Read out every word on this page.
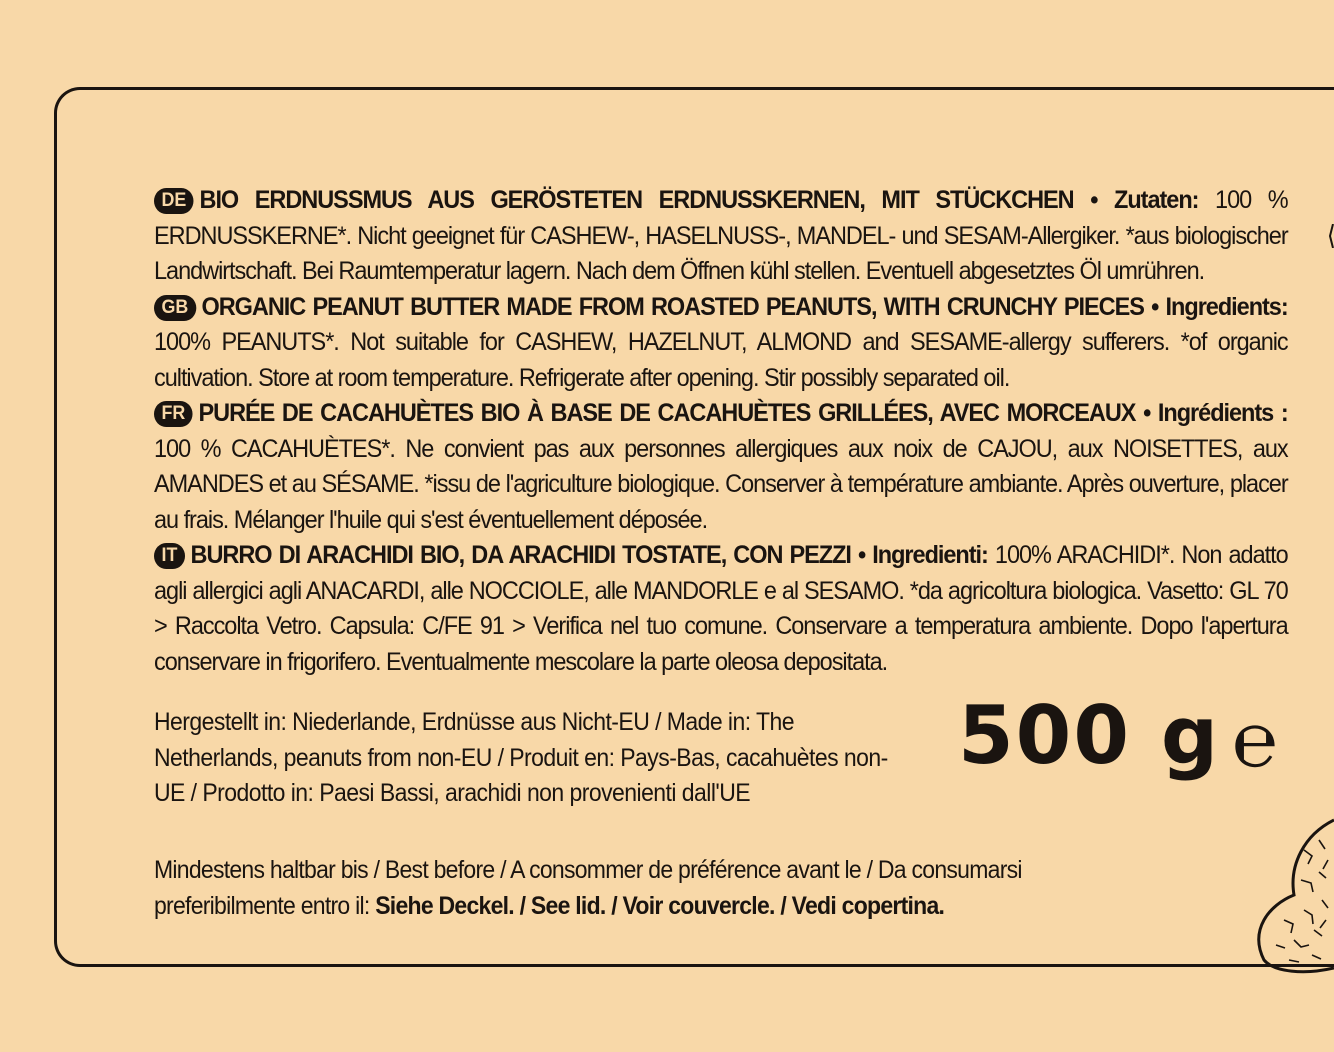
DE BIO ERDNUSSMUS AUS GERÖSTETEN ERDNUSSKERNEN, MIT STÜCKCHEN • Zutaten: 100 % ERDNUSSKERNE*. Nicht geeignet für CASHEW-, HASELNUSS-, MANDEL- und SESAM-Allergiker. *aus biologischer Landwirtschaft. Bei Raumtemperatur lagern. Nach dem Öffnen kühl stellen. Eventuell abgesetztes Öl umrühren.

GB ORGANIC PEANUT BUTTER MADE FROM ROASTED PEANUTS, WITH CRUNCHY PIECES • Ingredients: 100% PEANUTS*. Not suitable for CASHEW, HAZELNUT, ALMOND and SESAME-allergy sufferers. *of organic cultivation. Store at room temperature. Refrigerate after opening. Stir possibly separated oil.

FR PURÉE DE CACAHUÈTES BIO À BASE DE CACAHUÈTES GRILLÉES, AVEC MORCEAUX • Ingrédients : 100 % CACAHUÈTES*. Ne convient pas aux personnes allergiques aux noix de CAJOU, aux NOISETTES, aux AMANDES et au SÉSAME. *issu de l'agriculture biologique. Conserver à température ambiante. Après ouverture, placer au frais. Mélanger l'huile qui s'est éventuellement déposée.

IT BURRO DI ARACHIDI BIO, DA ARACHIDI TOSTATE, CON PEZZI • Ingredienti: 100% ARACHIDI*. Non adatto agli allergici agli ANACARDI, alle NOCCIOLE, alle MANDORLE e al SESAMO. *da agricoltura biologica. Vasetto: GL 70 > Raccolta Vetro. Capsula: C/FE 91 > Verifica nel tuo comune. Conservare a temperatura ambiente. Dopo l'apertura conservare in frigorifero. Eventualmente mescolare la parte oleosa depositata.

Hergestellt in: Niederlande, Erdnüsse aus Nicht-EU / Made in: The Netherlands, peanuts from non-EU / Produit en: Pays-Bas, cacahuètes non-UE / Prodotto in: Paesi Bassi, arachidi non provenienti dall'UE
500 g ℮
Mindestens haltbar bis / Best before / A consommer de préférence avant le / Da consumarsi preferibilmente entro il: Siehe Deckel. / See lid. / Voir couvercle. / Vedi copertina.
